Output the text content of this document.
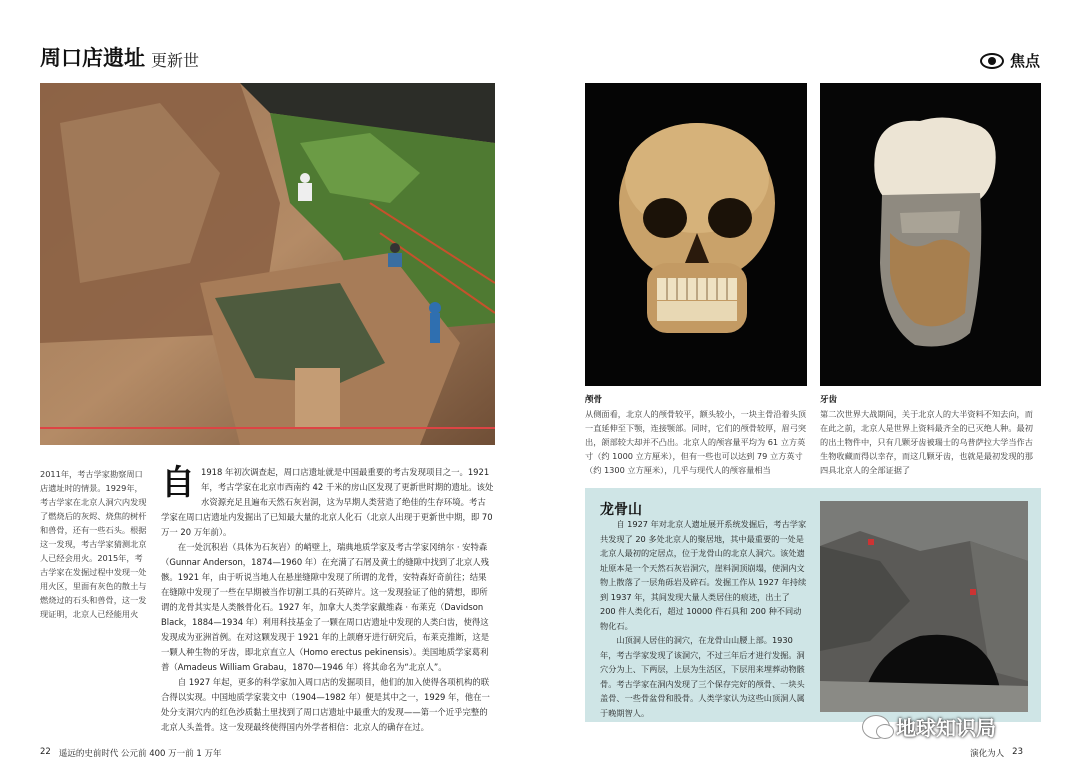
周口店遗址 更新世	焦点
2011年，考古学家勘察周口店遗址时的情景。1929年，考古学家在北京人洞穴内发现了燃烧后的灰烬、烧焦的树杆和兽骨，还有一些石头。根据这一发现，考古学家猜测北京人已经会用火。2015年，考古学家在发掘过程中发现一处用火区，里面有灰色的散土与燃烧过的石头和兽骨，这一发现证明，北京人已经能用火
自 1918 年初次调查起，周口店遗址就是中国最重要的考古发现项目之一。1921 年，考古学家在北京市西南约 42 千米的房山区发现了更新世时期的遗址。该处水资源充足且遍布天然石灰岩洞，这为早期人类营造了绝佳的生存环境。考古学家在周口店遗址内发掘出了已知最大量的北京人化石（北京人出现于更新世中期，即 70 万一 20 万年前）。

在一处沉积岩（具体为石灰岩）的峭壁上，瑞典地质学家及考古学家冈纳尔 · 安特森（Gunnar Anderson，1874—1960 年）在充满了石屑及黄土的缝隙中找到了北京人残骸。1921 年，由于听说当地人在悬崖缝隙中发现了所谓的龙骨，安特森好奇前往；结果在缝隙中发现了一些在早期被当作切割工具的石英碎片。这一发现验证了他的猜想，即所谓的龙骨其实是人类骸骨化石。1927 年，加拿大人类学家戴维森 · 布莱克（Davidson Black，1884—1934 年）利用科技基金了一颗在周口店遗址中发现的人类臼齿，使得这发现成为亚洲首例。在对这颗发现于 1921 年的上颌磨牙进行研究后，布莱克推断，这是一颗人种生物的牙齿，即北京直立人（Homo erectus pekinensis）。美国地质学家葛利普（Amadeus William Grabau，1870—1946 年）将其命名为“北京人”。

自 1927 年起，更多的科学家加入周口店的发掘项目，他们的加入使得各项机构的联合得以实现。中国地质学家裴文中（1904—1982 年）便是其中之一，1929 年，他在一处分支洞穴内的红色沙质黏土里找到了周口店遗址中最重大的发现——第一个近乎完整的北京人头盖骨。这一发现最终使得国内外学者相信：北京人的确存在过。

颅骨
从侧面看，北京人的颅骨较平，额头较小，一块主骨沿着头顶一直延伸至下颚，连接颚部。同时，它们的颅骨较厚，眉弓突出，颌部较大却并不凸出。北京人的颅容量平均为 61 立方英寸（约 1000 立方厘米），但有一些也可以达到 79 立方英寸（约 1300 立方厘米），几乎与现代人的颅容量相当
牙齿
第二次世界大战期间，关于北京人的大半资料不知去向，而在此之前，北京人是世界上资料最齐全的已灭绝人种。最初的出土物件中，只有几颗牙齿被瑞士的乌普萨拉大学当作古生物收藏而得以幸存，而这几颗牙齿，也就是最初发现的那四具北京人的全部证据了
龙骨山

自 1927 年对北京人遗址展开系统发掘后，考古学家共发现了 20 多处北京人的聚居地，其中最重要的一处是北京人最初的定居点，位于龙骨山的北京人洞穴。该处遗址原本是一个天然石灰岩洞穴，崖料洞顶崩塌，使洞内文物上散落了一层角砾岩及碎石。发掘工作从 1927 年持续到 1937 年，其间发现大量人类居住的痕迹，出土了 200 件人类化石，超过 10000 件石具和 200 种不同动物化石。

山顶洞人居住的洞穴，在龙骨山山腰上部。1930 年，考古学家发现了该洞穴，不过三年后才进行发掘。洞穴分为上、下两层，上层为生活区，下层用来埋葬动物骸骨。考古学家在洞内发现了三个保存完好的颅骨、一块头盖骨、一些骨盆骨和股骨。人类学家认为这些山顶洞人属于晚期智人。

22 遥远的史前时代 公元前 400 万一前 1 万年	演化为人 23
地球知识局
